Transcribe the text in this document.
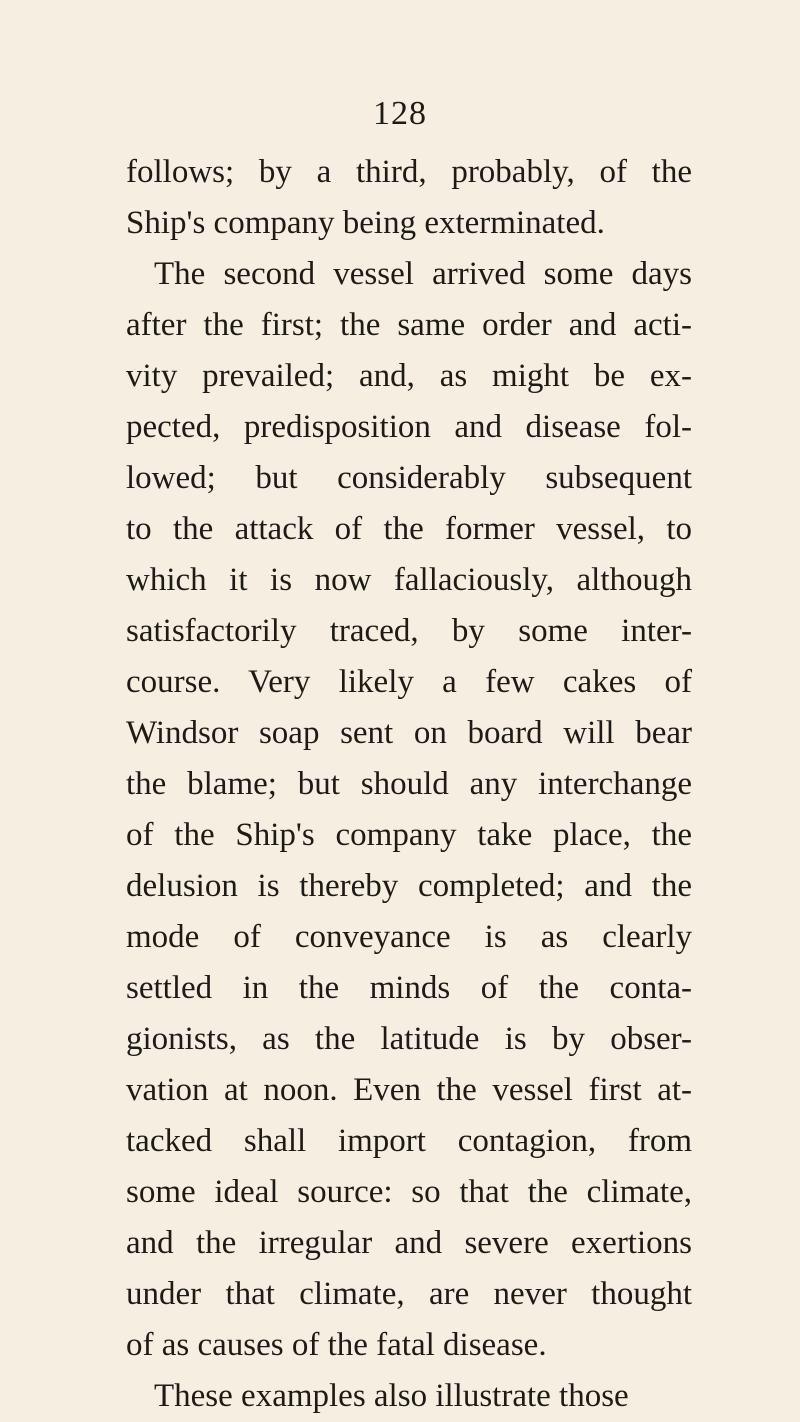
128
follows; by a third, probably, of the
Ship's company being exterminated.
The second vessel arrived some days
after the first; the same order and acti-
vity prevailed; and, as might be ex-
pected, predisposition and disease fol-
lowed; but considerably subsequent
to the attack of the former vessel, to
which it is now fallaciously, although
satisfactorily traced, by some inter-
course. Very likely a few cakes of
Windsor soap sent on board will bear
the blame; but should any interchange
of the Ship's company take place, the
delusion is thereby completed; and the
mode of conveyance is as clearly
settled in the minds of the conta-
gionists, as the latitude is by obser-
vation at noon. Even the vessel first at-
tacked shall import contagion, from
some ideal source: so that the climate,
and the irregular and severe exertions
under that climate, are never thought
of as causes of the fatal disease.
These examples also illustrate those
